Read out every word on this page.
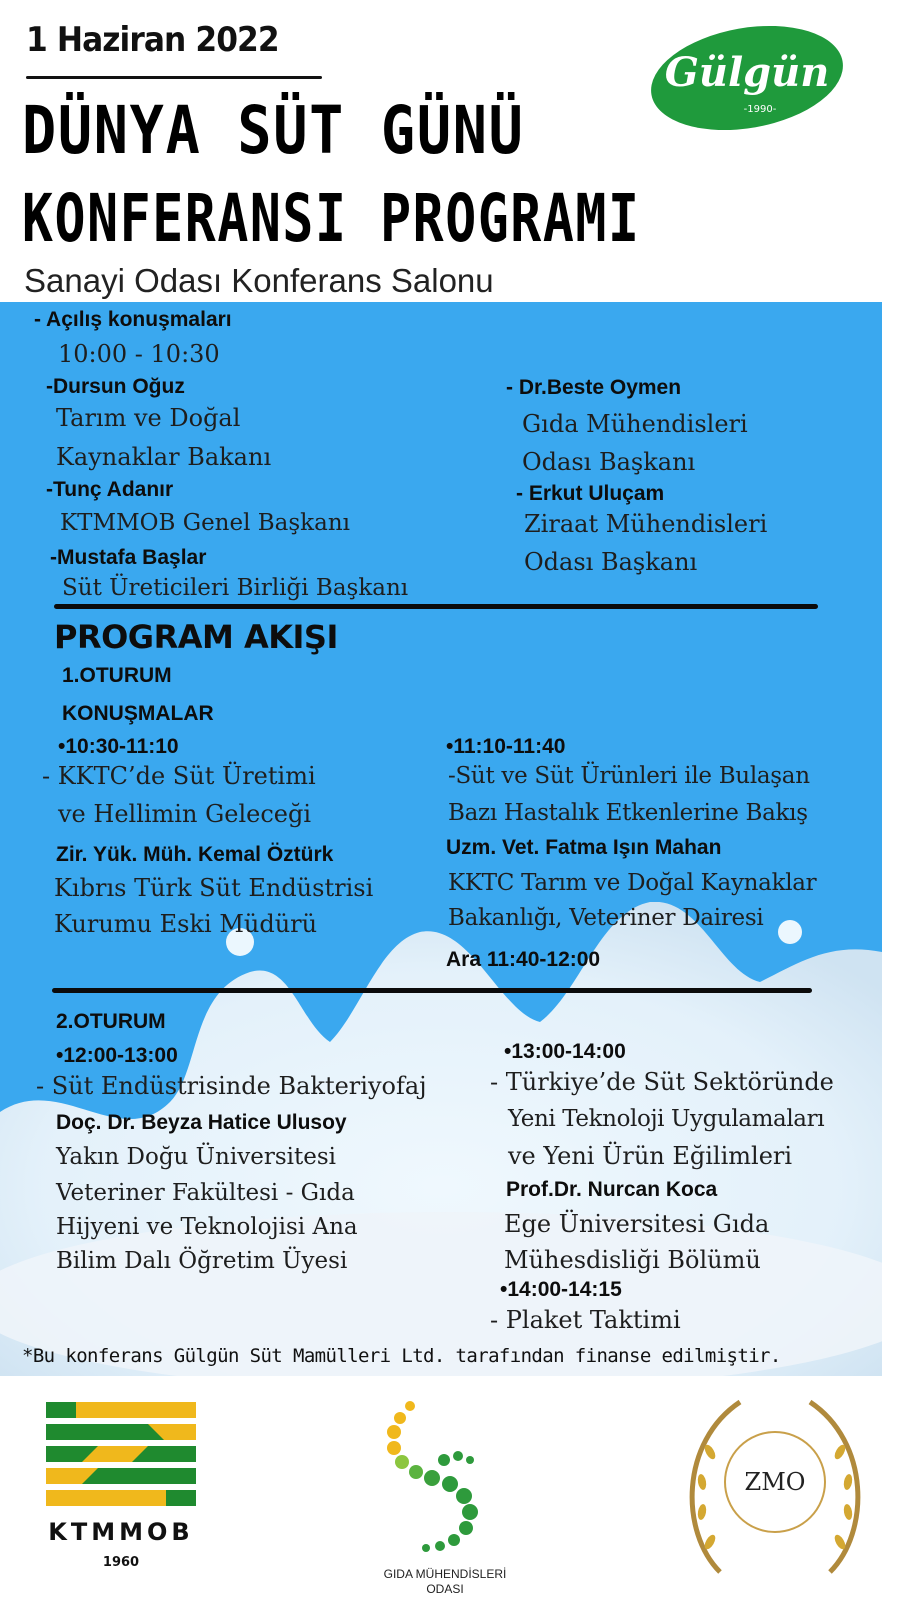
1 Haziran 2022
DÜNYA SÜT GÜNÜ
KONFERANSI PROGRAMI
Sanayi Odası Konferans Salonu
Gülgün
-1990-
- Açılış konuşmaları
10:00 - 10:30
-Dursun Oğuz
Tarım ve Doğal
Kaynaklar Bakanı
-Tunç Adanır
KTMMOB Genel Başkanı
-Mustafa Başlar
Süt Üreticileri Birliği Başkanı
- Dr.Beste Oymen
Gıda Mühendisleri
Odası Başkanı
- Erkut Uluçam
Ziraat Mühendisleri
Odası Başkanı
PROGRAM AKIŞI
1.OTURUM
KONUŞMALAR
•10:30-11:10
- KKTC’de Süt Üretimi
ve Hellimin Geleceği
Zir. Yük. Müh. Kemal Öztürk
Kıbrıs Türk Süt Endüstrisi
Kurumu Eski Müdürü
•11:10-11:40
-Süt ve Süt Ürünleri ile Bulaşan
Bazı Hastalık Etkenlerine Bakış
Uzm. Vet. Fatma Işın Mahan
KKTC Tarım ve Doğal Kaynaklar
Bakanlığı, Veteriner Dairesi
Ara 11:40-12:00
2.OTURUM
•12:00-13:00
- Süt Endüstrisinde Bakteriyofaj
Doç. Dr. Beyza Hatice Ulusoy
Yakın Doğu Üniversitesi
Veteriner Fakültesi - Gıda
Hijyeni ve Teknolojisi Ana
Bilim Dalı Öğretim Üyesi
•13:00-14:00
- Türkiye’de Süt Sektöründe
Yeni Teknoloji Uygulamaları
ve Yeni Ürün Eğilimleri
Prof.Dr. Nurcan Koca
Ege Üniversitesi Gıda
Mühesdisliği Bölümü
•14:00-14:15
- Plaket Taktimi
*Bu konferans Gülgün Süt Mamülleri Ltd. tarafından finanse edilmiştir.
KTMMOB
1960
GIDA MÜHENDİSLERİ
ODASI
ZMO
